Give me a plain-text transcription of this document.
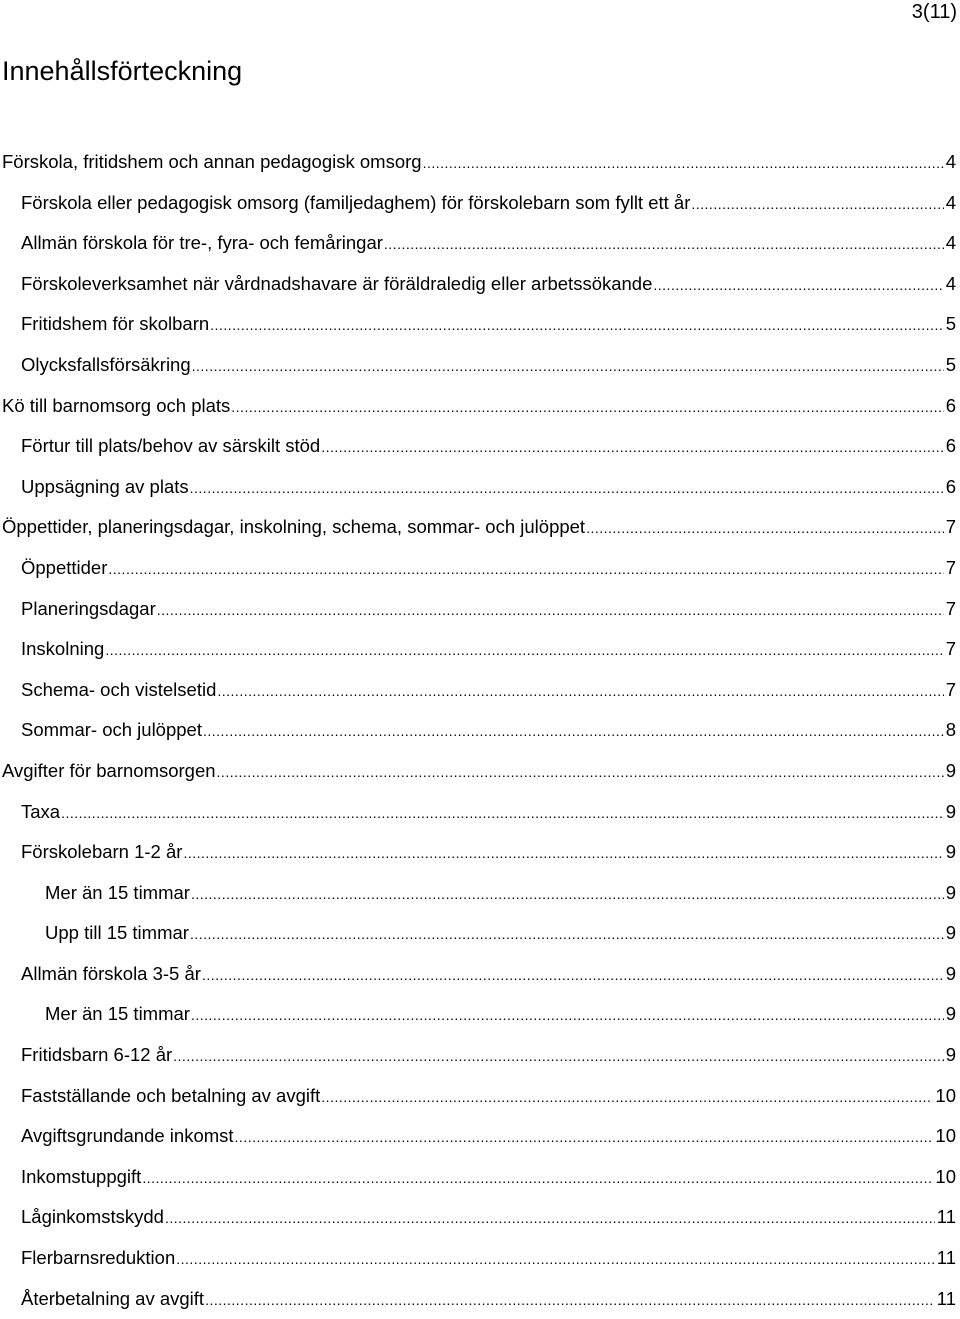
3(11)
Innehållsförteckning
Förskola, fritidshem och annan pedagogisk omsorg .....	4
Förskola eller pedagogisk omsorg (familjedaghem) för förskolebarn som fyllt ett år .....	4
Allmän förskola för tre-, fyra- och femåringar .....	4
Förskoleverksamhet när vårdnadshavare är föräldraledig eller arbetssökande .....	4
Fritidshem för skolbarn .....	5
Olycksfallsförsäkring .....	5
Kö till barnomsorg och plats .....	6
Förtur till plats/behov av särskilt stöd .....	6
Uppsägning av plats .....	6
Öppettider, planeringsdagar, inskolning, schema, sommar- och julöppet .....	7
Öppettider .....	7
Planeringsdagar .....	7
Inskolning .....	7
Schema- och vistelsetid .....	7
Sommar- och julöppet .....	8
Avgifter för barnomsorgen .....	9
Taxa .....	9
Förskolebarn 1-2 år .....	9
Mer än 15 timmar .....	9
Upp till 15 timmar .....	9
Allmän förskola 3-5 år .....	9
Mer än 15 timmar .....	9
Fritidsbarn 6-12 år .....	9
Fastställande och betalning av avgift .....	10
Avgiftsgrundande inkomst .....	10
Inkomstuppgift .....	10
Låginkomstskydd .....	11
Flerbarnsreduktion .....	11
Återbetalning av avgift .....	11
